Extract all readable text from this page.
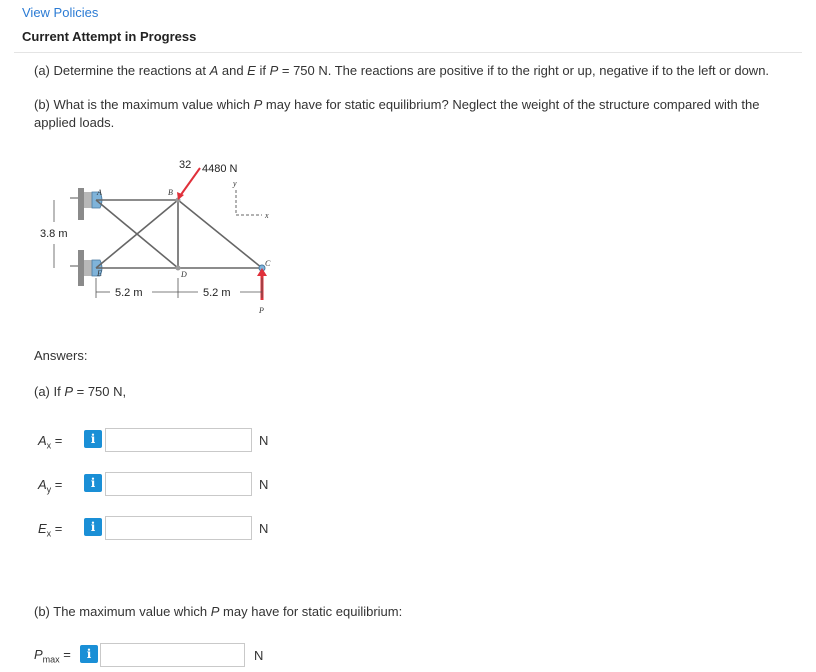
View Policies
Current Attempt in Progress
(a) Determine the reactions at A and E if P = 750 N. The reactions are positive if to the right or up, negative if to the left or down.
(b) What is the maximum value which P may have for static equilibrium? Neglect the weight of the structure compared with the applied loads.
32 4480 N
P
y
x
A	B
C
D
E
3.8 m
5.2 m	5.2 m
Answers:
(a) If P = 750 N,
$A_x$ =	i	N
$A_y$ =	i	N
$E_x$ =	i	N
(b) The maximum value which P may have for static equilibrium:
$P_{max}$ =	i	N
